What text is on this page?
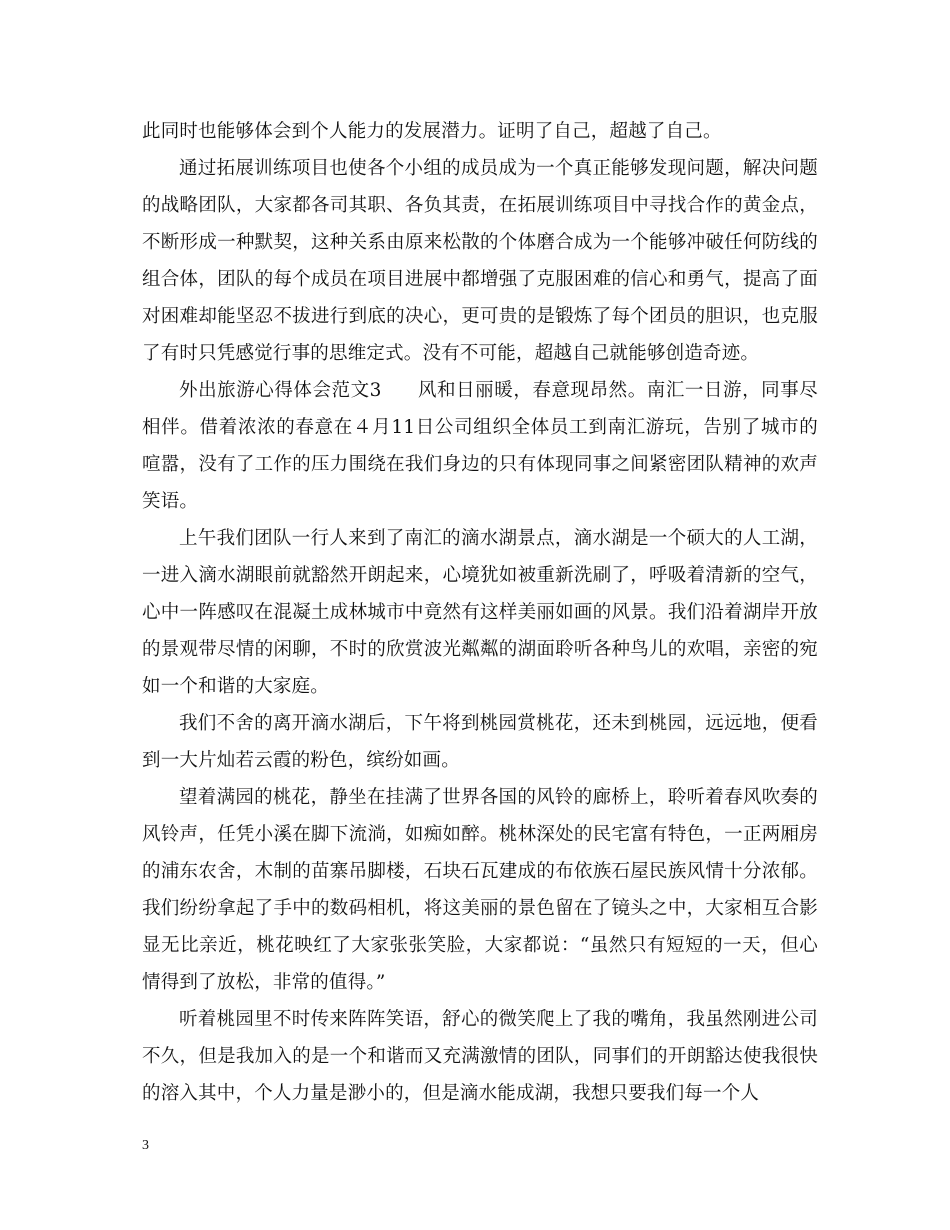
此同时也能够体会到个人能力的发展潜力。证明了自己，超越了自己。

通过拓展训练项目也使各个小组的成员成为一个真正能够发现问题，解决问题的战略团队，大家都各司其职、各负其责，在拓展训练项目中寻找合作的黄金点，不断形成一种默契，这种关系由原来松散的个体磨合成为一个能够冲破任何防线的组合体，团队的每个成员在项目进展中都增强了克服困难的信心和勇气，提高了面对困难却能坚忍不拔进行到底的决心，更可贵的是锻炼了每个团员的胆识，也克服了有时只凭感觉行事的思维定式。没有不可能，超越自己就能够创造奇迹。

外出旅游心得体会范文3 风和日丽暖，春意现昂然。南汇一日游，同事尽相伴。借着浓浓的春意在４月11日公司组织全体员工到南汇游玩，告别了城市的喧嚣，没有了工作的压力围绕在我们身边的只有体现同事之间紧密团队精神的欢声笑语。

上午我们团队一行人来到了南汇的滴水湖景点，滴水湖是一个硕大的人工湖，一进入滴水湖眼前就豁然开朗起来，心境犹如被重新洗刷了，呼吸着清新的空气，心中一阵感叹在混凝土成林城市中竟然有这样美丽如画的风景。我们沿着湖岸开放的景观带尽情的闲聊，不时的欣赏波光粼粼的湖面聆听各种鸟儿的欢唱，亲密的宛如一个和谐的大家庭。

我们不舍的离开滴水湖后，下午将到桃园赏桃花，还未到桃园，远远地，便看到一大片灿若云霞的粉色，缤纷如画。

望着满园的桃花，静坐在挂满了世界各国的风铃的廊桥上，聆听着春风吹奏的风铃声，任凭小溪在脚下流淌，如痴如醉。桃林深处的民宅富有特色，一正两厢房的浦东农舍，木制的苗寨吊脚楼，石块石瓦建成的布依族石屋民族风情十分浓郁。我们纷纷拿起了手中的数码相机，将这美丽的景色留在了镜头之中，大家相互合影显无比亲近，桃花映红了大家张张笑脸，大家都说：“虽然只有短短的一天，但心情得到了放松，非常的值得。”

听着桃园里不时传来阵阵笑语，舒心的微笑爬上了我的嘴角，我虽然刚进公司不久，但是我加入的是一个和谐而又充满激情的团队，同事们的开朗豁达使我很快的溶入其中，个人力量是渺小的，但是滴水能成湖，我想只要我们每一个人

3
